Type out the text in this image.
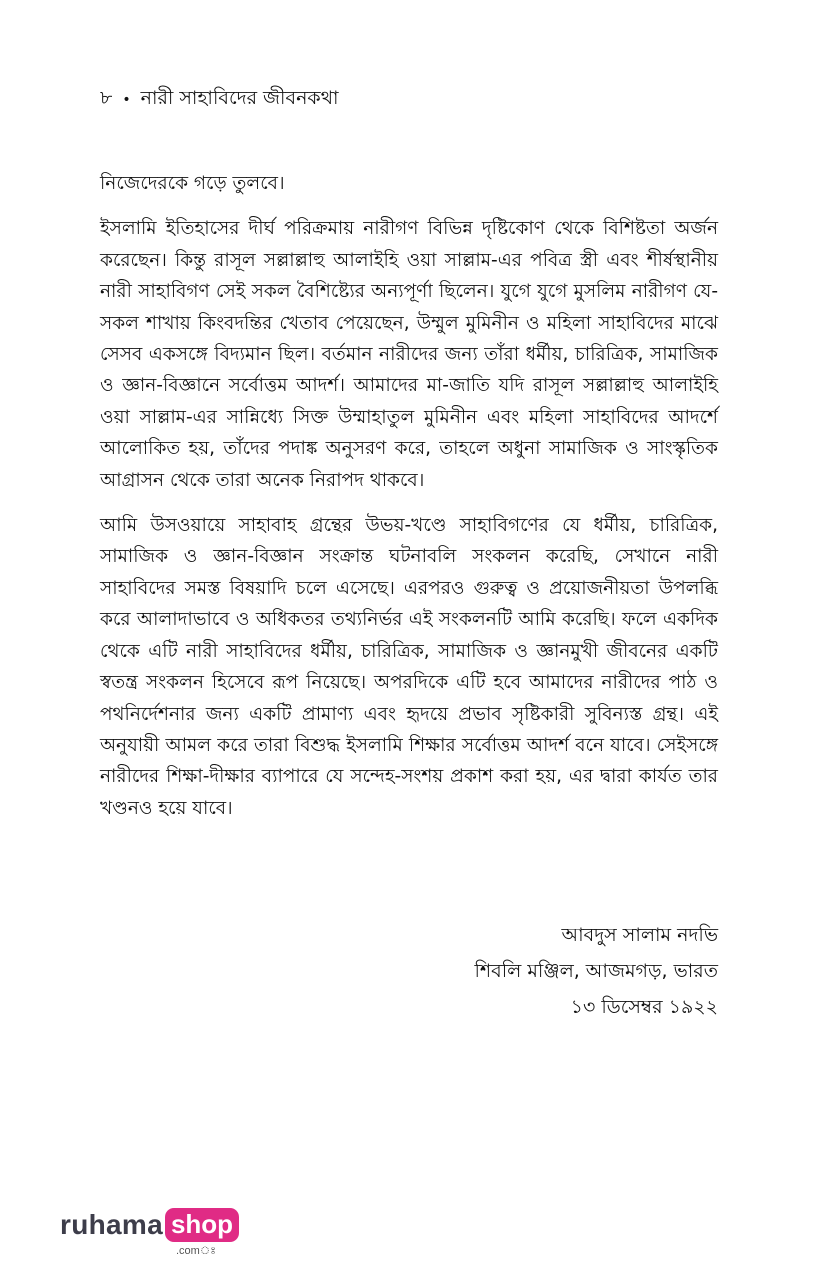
৮ • নারী সাহাবিদের জীবনকথা

নিজেদেরকে গড়ে তুলবে।

ইসলামি ইতিহাসের দীর্ঘ পরিক্রমায় নারীগণ বিভিন্ন দৃষ্টিকোণ থেকে বিশিষ্টতা অর্জন করেছেন। কিন্তু রাসূল সল্লাল্লাহু আলাইহি ওয়া সাল্লাম-এর পবিত্র স্ত্রী এবং শীর্ষস্থানীয় নারী সাহাবিগণ সেই সকল বৈশিষ্ট্যের অন্যপূর্ণা ছিলেন। যুগে যুগে মুসলিম নারীগণ যে-সকল শাখায় কিংবদন্তির খেতাব পেয়েছেন, উম্মুল মুমিনীন ও মহিলা সাহাবিদের মাঝে সেসব একসঙ্গে বিদ্যমান ছিল। বর্তমান নারীদের জন্য তাঁরা ধর্মীয়, চারিত্রিক, সামাজিক ও জ্ঞান-বিজ্ঞানে সর্বোত্তম আদর্শ। আমাদের মা-জাতি যদি রাসূল সল্লাল্লাহু আলাইহি ওয়া সাল্লাম-এর সান্নিধ্যে সিক্ত উম্মাহাতুল মুমিনীন এবং মহিলা সাহাবিদের আদর্শে আলোকিত হয়, তাঁদের পদাঙ্ক অনুসরণ করে, তাহলে অধুনা সামাজিক ও সাংস্কৃতিক আগ্রাসন থেকে তারা অনেক নিরাপদ থাকবে।

আমি উসওয়ায়ে সাহাবাহ গ্রন্থের উভয়-খণ্ডে সাহাবিগণের যে ধর্মীয়, চারিত্রিক, সামাজিক ও জ্ঞান-বিজ্ঞান সংক্রান্ত ঘটনাবলি সংকলন করেছি, সেখানে নারী সাহাবিদের সমস্ত বিষয়াদি চলে এসেছে। এরপরও গুরুত্ব ও প্রয়োজনীয়তা উপলব্ধি করে আলাদাভাবে ও অধিকতর তথ্যনির্ভর এই সংকলনটি আমি করেছি। ফলে একদিক থেকে এটি নারী সাহাবিদের ধর্মীয়, চারিত্রিক, সামাজিক ও জ্ঞানমুখী জীবনের একটি স্বতন্ত্র সংকলন হিসেবে রূপ নিয়েছে। অপরদিকে এটি হবে আমাদের নারীদের পাঠ ও পথনির্দেশনার জন্য একটি প্রামাণ্য এবং হৃদয়ে প্রভাব সৃষ্টিকারী সুবিন্যস্ত গ্রন্থ। এই অনুযায়ী আমল করে তারা বিশুদ্ধ ইসলামি শিক্ষার সর্বোত্তম আদর্শ বনে যাবে। সেইসঙ্গে নারীদের শিক্ষা-দীক্ষার ব্যাপারে যে সন্দেহ-সংশয় প্রকাশ করা হয়, এর দ্বারা কার্যত তার খণ্ডনও হয়ে যাবে।

আবদুস সালাম নদভি
শিবলি মঞ্জিল, আজমগড়, ভারত
১৩ ডিসেম্বর ১৯২২
ruhama shop
.comঃ
